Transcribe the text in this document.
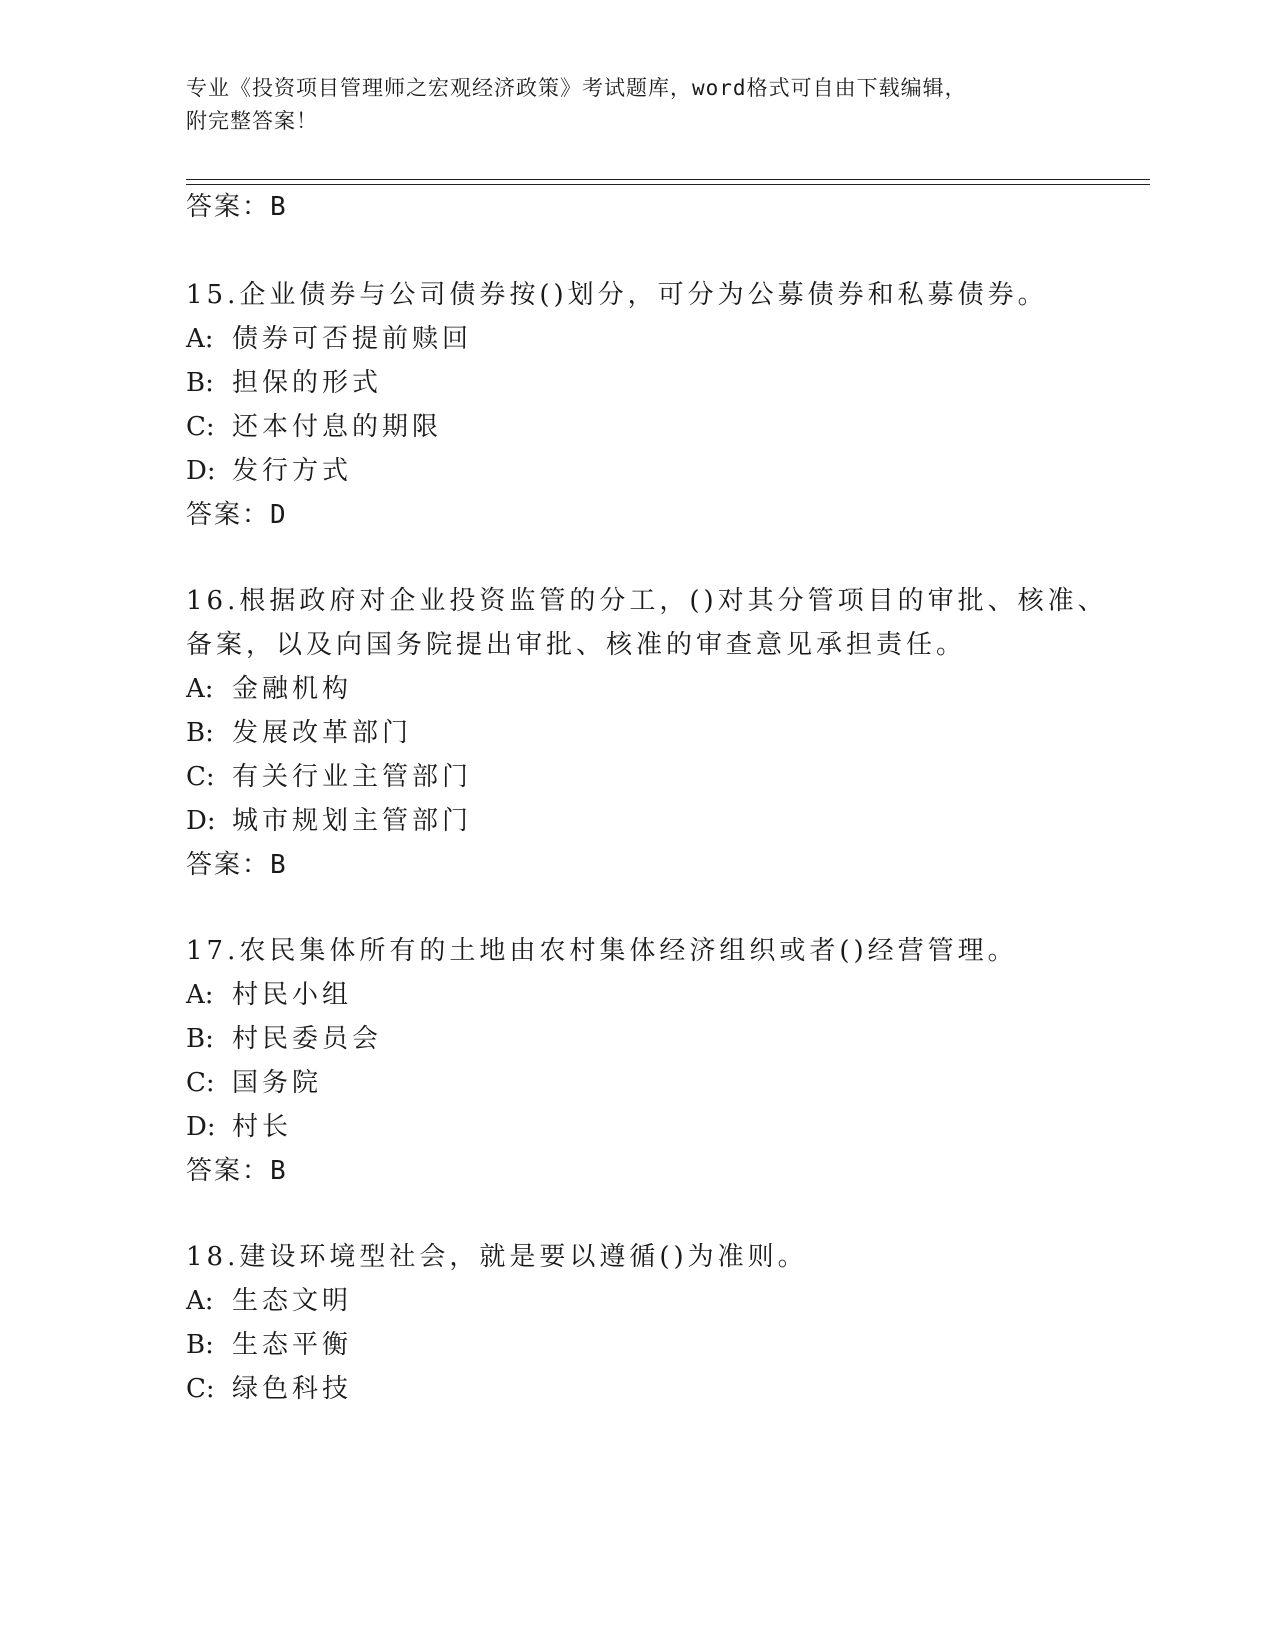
专业《投资项目管理师之宏观经济政策》考试题库，word格式可自由下载编辑，
附完整答案！
答案：B
15.企业债券与公司债券按()划分，可分为公募债券和私募债券。
A: 债券可否提前赎回
B: 担保的形式
C: 还本付息的期限
D: 发行方式
答案：D
16.根据政府对企业投资监管的分工，()对其分管项目的审批、核准、
备案，以及向国务院提出审批、核准的审查意见承担责任。
A: 金融机构
B: 发展改革部门
C: 有关行业主管部门
D: 城市规划主管部门
答案：B
17.农民集体所有的土地由农村集体经济组织或者()经营管理。
A: 村民小组
B: 村民委员会
C: 国务院
D: 村长
答案：B
18.建设环境型社会，就是要以遵循()为准则。
A: 生态文明
B: 生态平衡
C: 绿色科技
